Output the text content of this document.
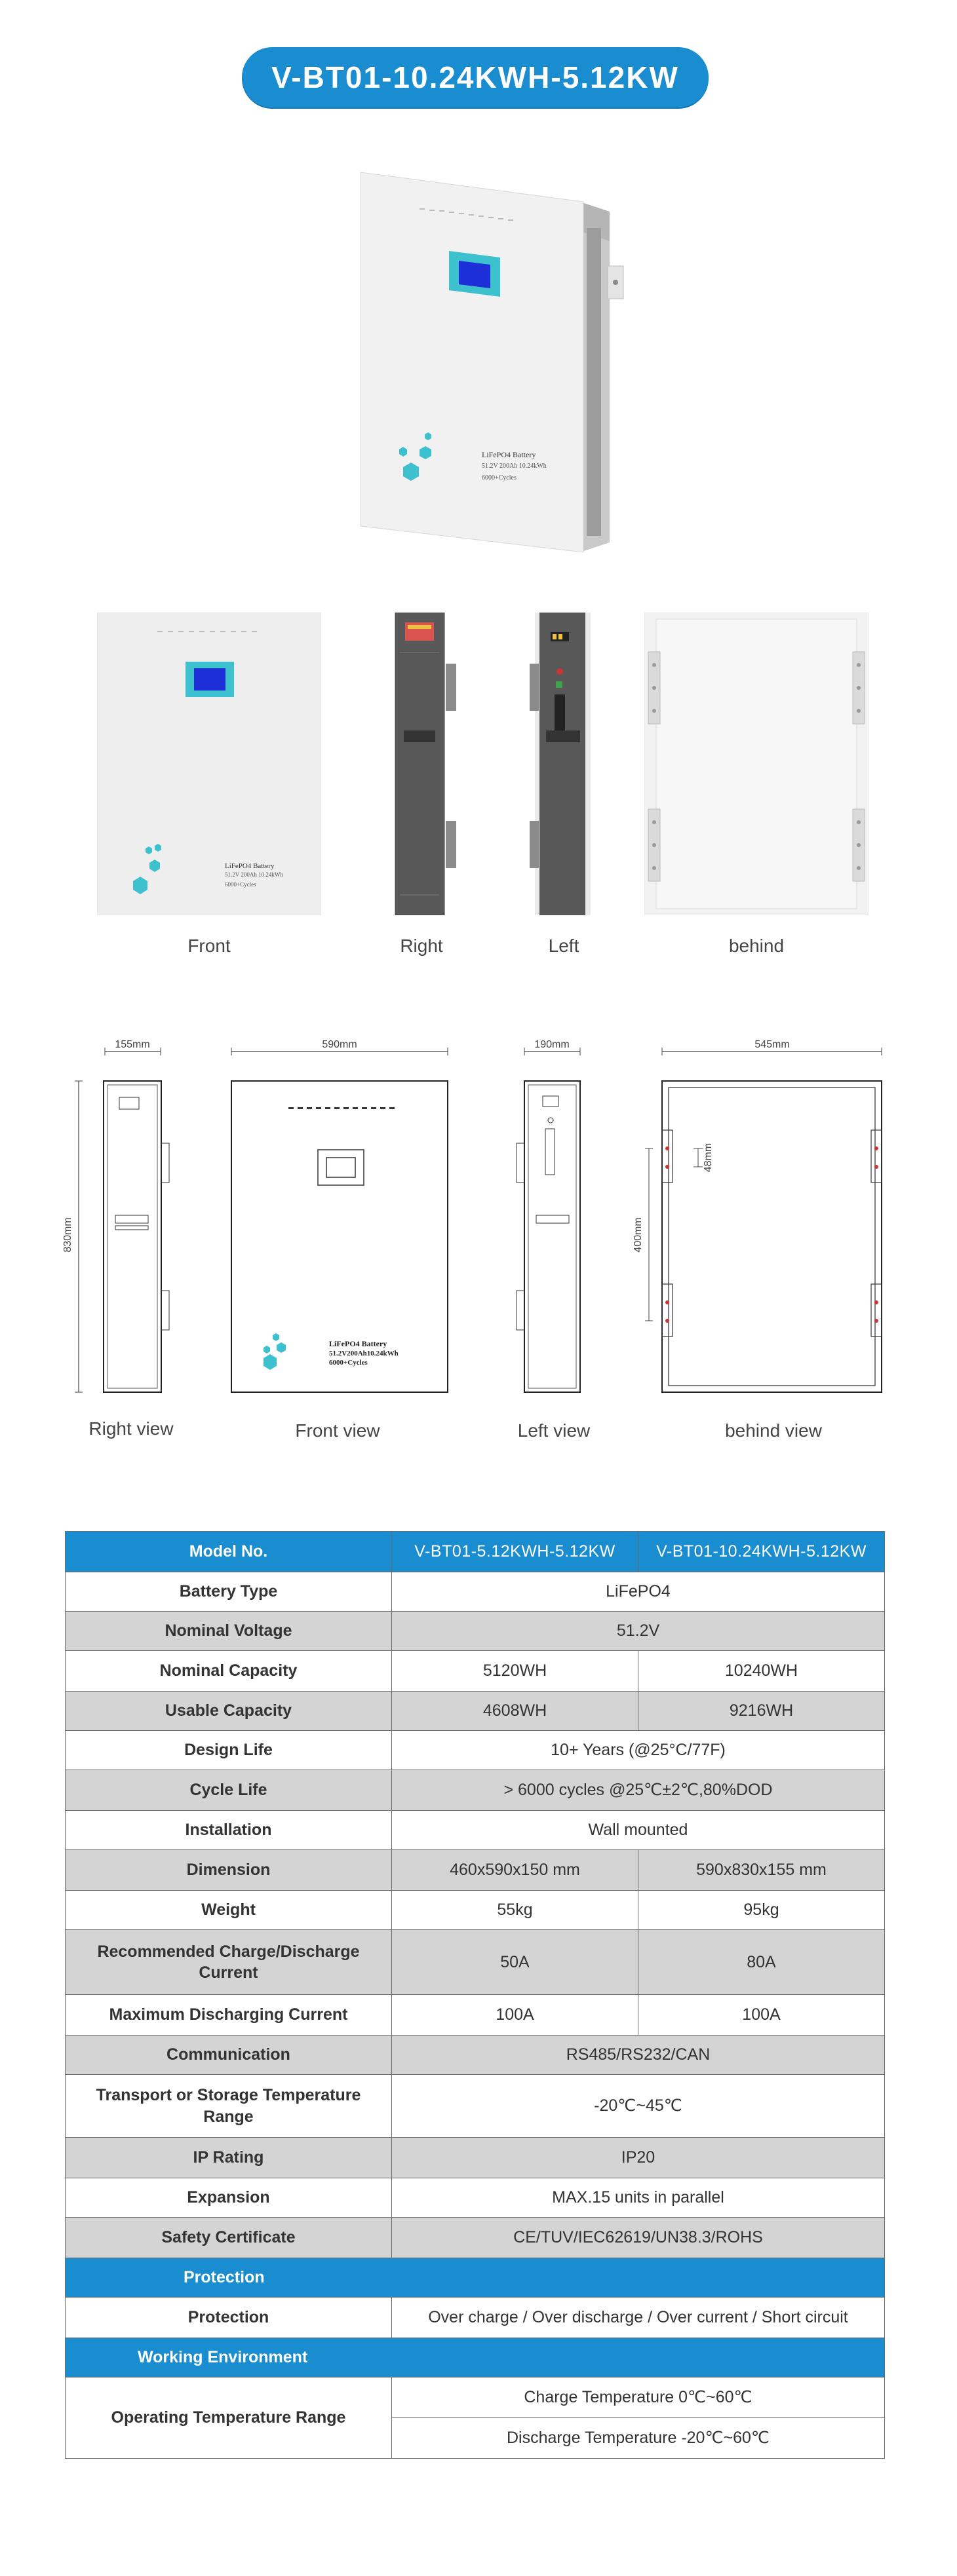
V-BT01-10.24KWH-5.12KW
LiFePO4 Battery
51.2V 200Ah 10.24kWh
6000+Cycles
LiFePO4 Battery
51.2V 200Ah 10.24kWh
6000+Cycles
Front	Right	Left	behind
155mm
830mm
Right view
590mm
LiFePO4 Battery
51.2V200Ah10.24kWh
6000+Cycles
Front view
190mm
Left view
545mm
48mm
400mm
behind view
Model No.	V-BT01-5.12KWH-5.12KW	V-BT01-10.24KWH-5.12KW
Battery Type	LiFePO4	
Nominal Voltage	51.2V	
Nominal Capacity	5120WH	10240WH
Usable Capacity	4608WH	9216WH
Design Life	10+ Years (@25°C/77F)	
Cycle Life	> 6000 cycles @25℃±2℃,80%DOD	
Installation	Wall mounted	
Dimension	460x590x150 mm	590x830x155 mm
Weight	55kg	95kg
Recommended Charge/Discharge Current	50A	80A
Maximum Discharging Current	100A	100A
Communication	RS485/RS232/CAN	
Transport or Storage Temperature Range	-20℃~45℃	
IP Rating	IP20	
Expansion	MAX.15 units in parallel	
Safety Certificate	CE/TUV/IEC62619/UN38.3/ROHS	
Protection		
Protection	Over charge / Over discharge / Over current / Short circuit	
Working Environment		
Operating Temperature Range	Charge Temperature 0℃~60℃	
	Discharge Temperature -20℃~60℃	
